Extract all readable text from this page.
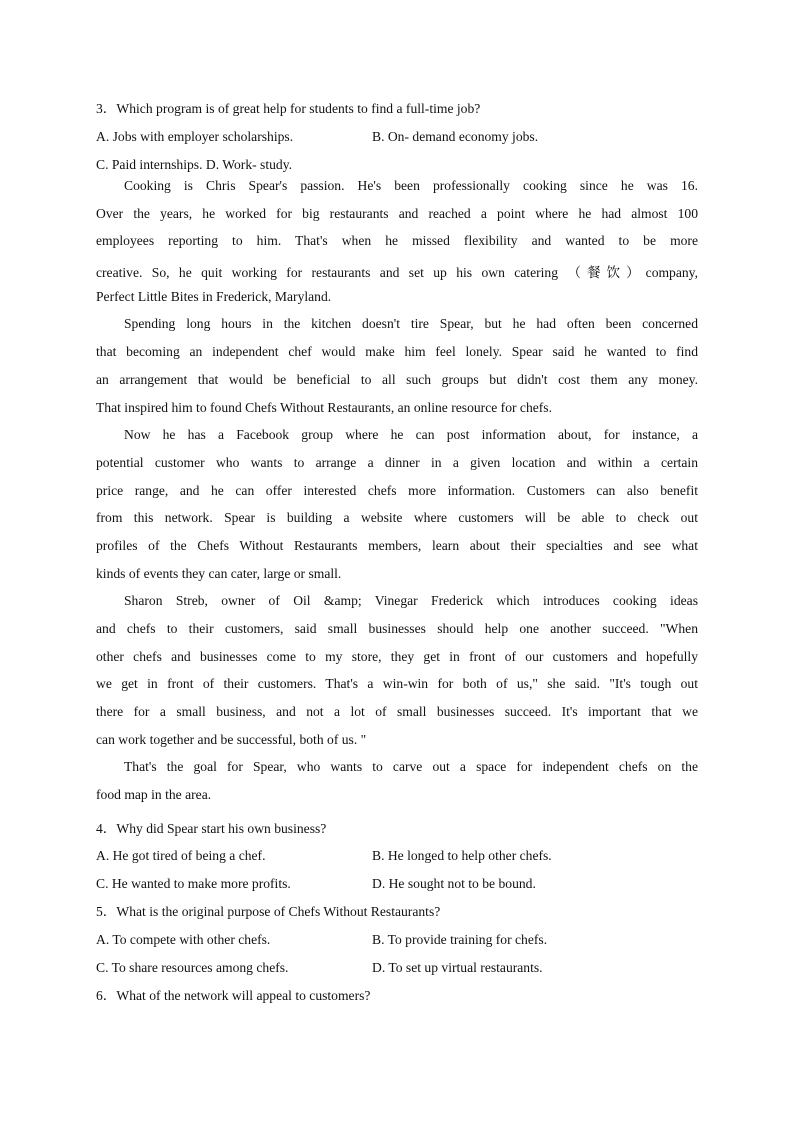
3．Which program is of great help for students to find a full-time job?
A. Jobs with employer scholarships.	B. On- demand economy jobs.
C. Paid internships. D. Work- study.
Cooking is Chris Spear's passion. He's been professionally cooking since he was 16.
Over the years, he worked for big restaurants and reached a point where he had almost 100
employees reporting to him. That's when he missed flexibility and wanted to be more
creative. So, he quit working for restaurants and set up his own catering （餐饮）company,
Perfect Little Bites in Frederick, Maryland.
Spending long hours in the kitchen doesn't tire Spear, but he had often been concerned
that becoming an independent chef would make him feel lonely. Spear said he wanted to find
an arrangement that would be beneficial to all such groups but didn't cost them any money.
That inspired him to found Chefs Without Restaurants, an online resource for chefs.
Now he has a Facebook group where he can post information about, for instance, a
potential customer who wants to arrange a dinner in a given location and within a certain
price range, and he can offer interested chefs more information. Customers can also benefit
from this network. Spear is building a website where customers will be able to check out
profiles of the Chefs Without Restaurants members, learn about their specialties and see what
kinds of events they can cater, large or small.
Sharon Streb, owner of Oil &amp; Vinegar Frederick which introduces cooking ideas
and chefs to their customers, said small businesses should help one another succeed. "When
other chefs and businesses come to my store, they get in front of our customers and hopefully
we get in front of their customers. That's a win-win for both of us," she said. "It's tough out
there for a small business, and not a lot of small businesses succeed. It's important that we
can work together and be successful, both of us. "
That's the goal for Spear, who wants to carve out a space for independent chefs on the
food map in the area.
4．Why did Spear start his own business?
A. He got tired of being a chef.	B. He longed to help other chefs.
C. He wanted to make more profits.	D. He sought not to be bound.
5．What is the original purpose of Chefs Without Restaurants?
A. To compete with other chefs.	B. To provide training for chefs.
C. To share resources among chefs.	D. To set up virtual restaurants.
6．What of the network will appeal to customers?
